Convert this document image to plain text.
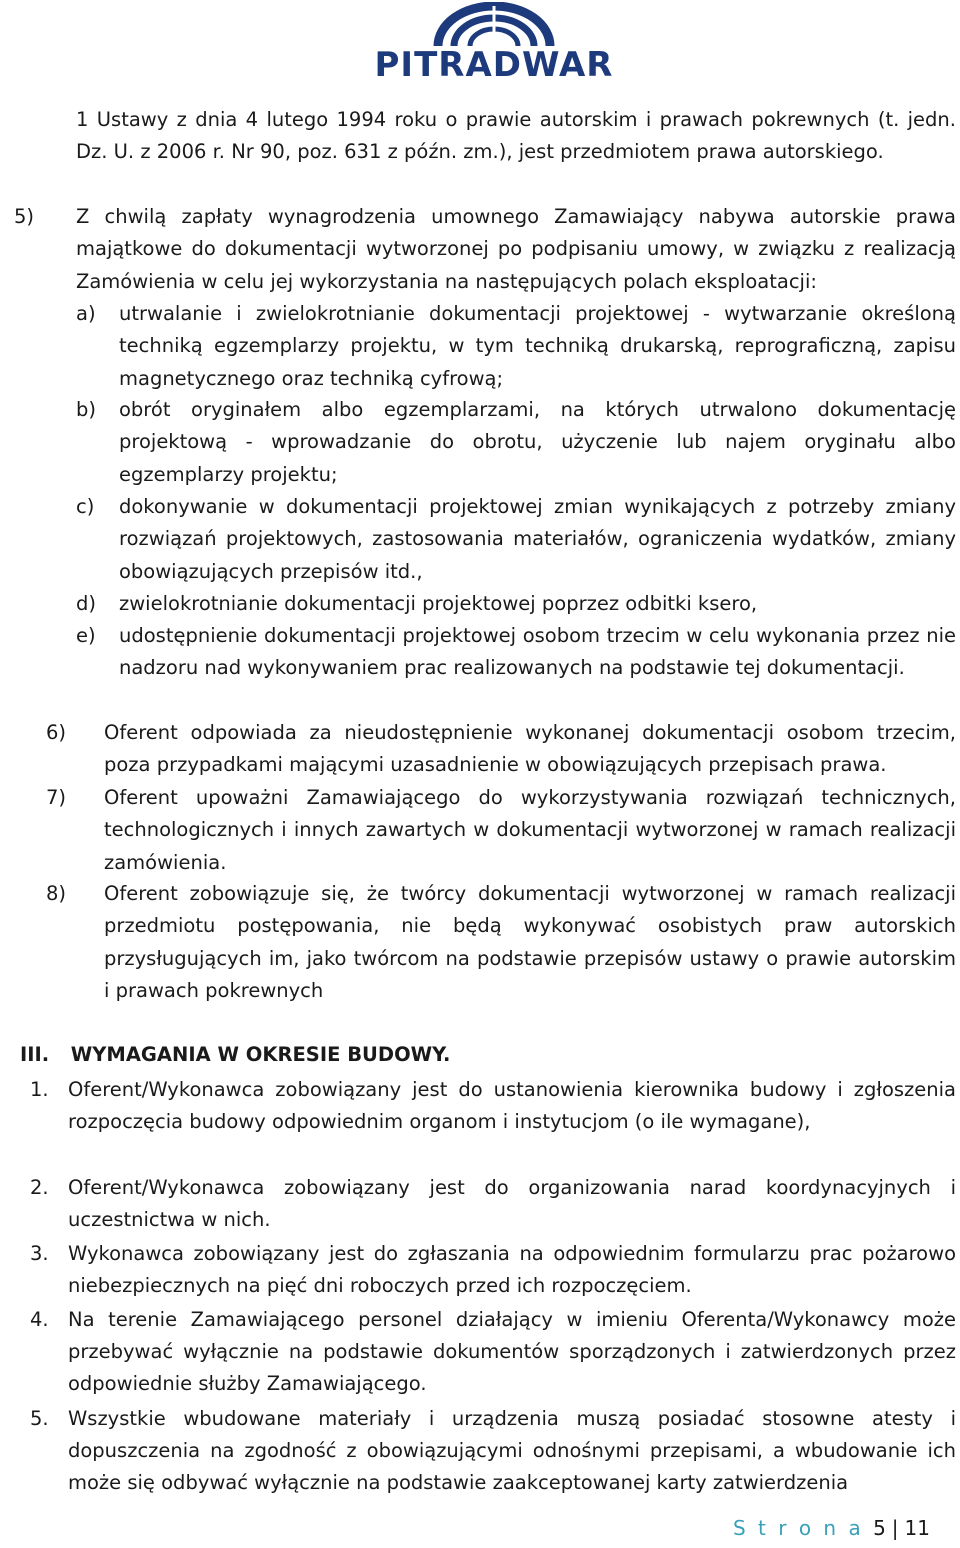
PITRADWAR
1 Ustawy z dnia 4 lutego 1994 roku o prawie autorskim i prawach pokrewnych (t. jedn. Dz. U. z 2006 r. Nr 90, poz. 631 z późn. zm.), jest przedmiotem prawa autorskiego.
5) Z chwilą zapłaty wynagrodzenia umownego Zamawiający nabywa autorskie prawa majątkowe do dokumentacji wytworzonej po podpisaniu umowy, w związku z realizacją Zamówienia w celu jej wykorzystania na następujących polach eksploatacji:
a) utrwalanie i zwielokrotnianie dokumentacji projektowej - wytwarzanie określoną techniką egzemplarzy projektu, w tym techniką drukarską, reprograficzną, zapisu magnetycznego oraz techniką cyfrową;
b) obrót oryginałem albo egzemplarzami, na których utrwalono dokumentację projektową - wprowadzanie do obrotu, użyczenie lub najem oryginału albo egzemplarzy projektu;
c) dokonywanie w dokumentacji projektowej zmian wynikających z potrzeby zmiany rozwiązań projektowych, zastosowania materiałów, ograniczenia wydatków, zmiany obowiązujących przepisów itd.,
d) zwielokrotnianie dokumentacji projektowej poprzez odbitki ksero,
e) udostępnienie dokumentacji projektowej osobom trzecim w celu wykonania przez nie nadzoru nad wykonywaniem prac realizowanych na podstawie tej dokumentacji.
6) Oferent odpowiada za nieudostępnienie wykonanej dokumentacji osobom trzecim, poza przypadkami mającymi uzasadnienie w obowiązujących przepisach prawa.
7) Oferent upoważni Zamawiającego do wykorzystywania rozwiązań technicznych, technologicznych i innych zawartych w dokumentacji wytworzonej w ramach realizacji zamówienia.
8) Oferent zobowiązuje się, że twórcy dokumentacji wytworzonej w ramach realizacji przedmiotu postępowania, nie będą wykonywać osobistych praw autorskich przysługujących im, jako twórcom na podstawie przepisów ustawy o prawie autorskim i prawach pokrewnych
III. WYMAGANIA W OKRESIE BUDOWY.
1. Oferent/Wykonawca zobowiązany jest do ustanowienia kierownika budowy i zgłoszenia rozpoczęcia budowy odpowiednim organom i instytucjom (o ile wymagane),
2. Oferent/Wykonawca zobowiązany jest do organizowania narad koordynacyjnych i uczestnictwa w nich.
3. Wykonawca zobowiązany jest do zgłaszania na odpowiednim formularzu prac pożarowo niebezpiecznych na pięć dni roboczych przed ich rozpoczęciem.
4. Na terenie Zamawiającego personel działający w imieniu Oferenta/Wykonawcy może przebywać wyłącznie na podstawie dokumentów sporządzonych i zatwierdzonych przez odpowiednie służby Zamawiającego.
5. Wszystkie wbudowane materiały i urządzenia muszą posiadać stosowne atesty i dopuszczenia na zgodność z obowiązującymi odnośnymi przepisami, a wbudowanie ich może się odbywać wyłącznie na podstawie zaakceptowanej karty zatwierdzenia
S t r o n a 5 | 11
